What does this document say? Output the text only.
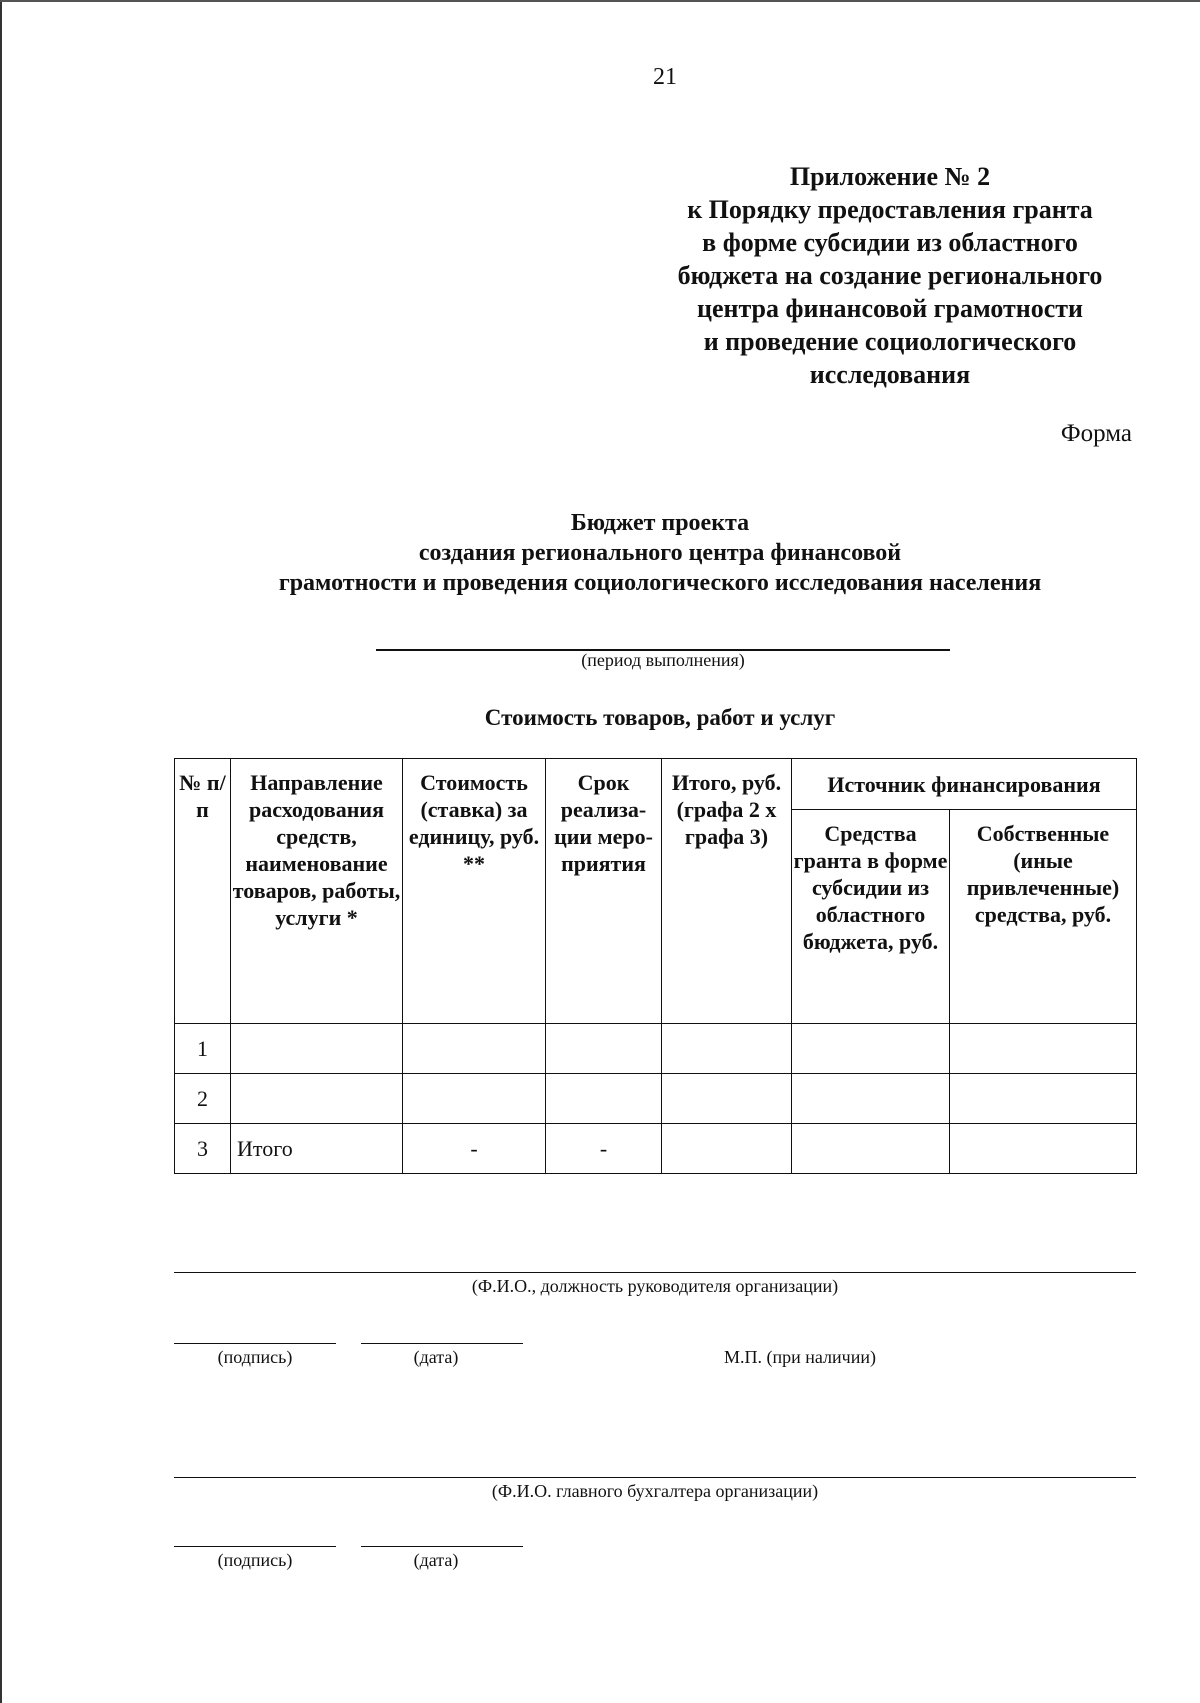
21
Приложение № 2
к Порядку предоставления гранта
в форме субсидии из областного
бюджета на создание регионального
центра финансовой грамотности
и проведение социологического
исследования
Форма
Бюджет проекта
создания регионального центра финансовой
грамотности и проведения социологического исследования населения
(период выполнения)
Стоимость товаров, работ и услуг
№ п/п	Направление расходования средств, наименование товаров, работы, услуги *	Стоимость (ставка) за единицу, руб. **	Срок реализа-ции меро-приятия	Итого, руб. (графа 2 х графа 3)	Источник финансирования	
					Средства гранта в форме субсидии из областного бюджета, руб.	Собственные (иные привлеченные) средства, руб.
1						
2						
3	Итого	-	-			
(Ф.И.О., должность руководителя организации)
(подпись)	(дата)	М.П. (при наличии)
(Ф.И.О. главного бухгалтера организации)
(подпись)	(дата)
